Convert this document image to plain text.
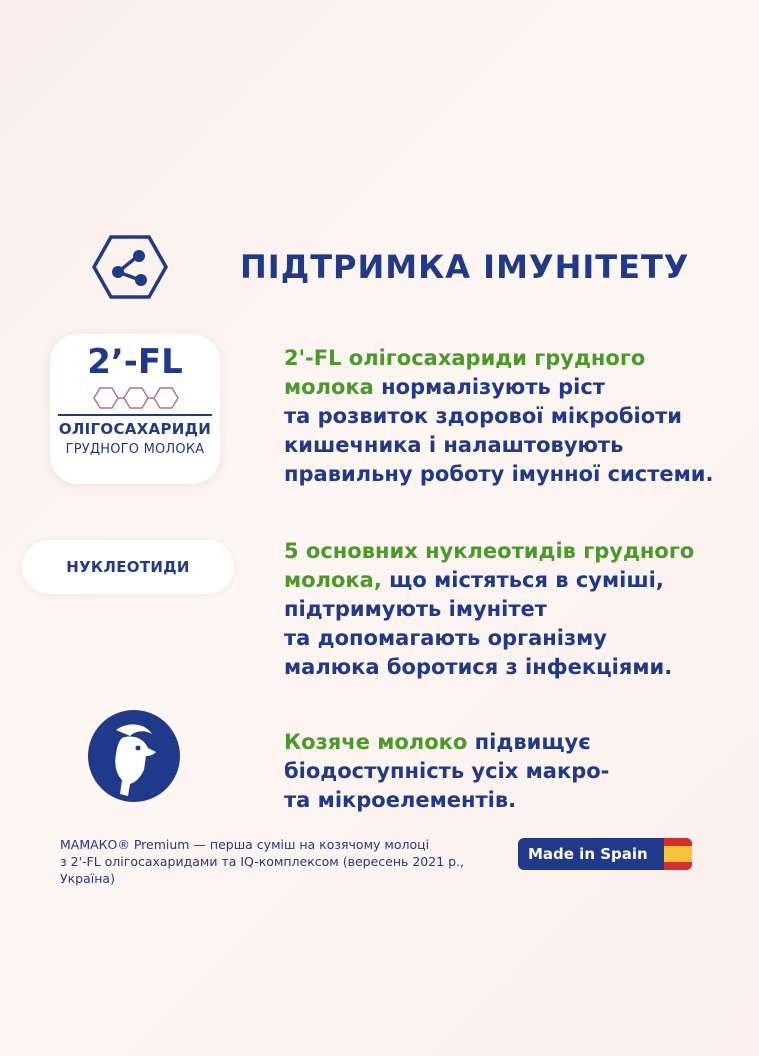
ПІДТРИМКА ІМУНІТЕТУ
2’-FL
ОЛІГОСАХАРИДИ
ГРУДНОГО МОЛОКА
НУКЛЕОТИДИ
2'-FL олігосахариди грудного
молока нормалізують ріст
та розвиток здорової мікробіоти
кишечника і налаштовують
правильну роботу імунної системи.
5 основних нуклеотидів грудного
молока, що містяться в суміші,
підтримують імунітет
та допомагають організму
малюка боротися з інфекціями.
Козяче молоко підвищує
біодоступність усіх макро-
та мікроелементів.
МАМАКО® Premium — перша суміш на козячому молоці
з 2'-FL олігосахаридами та IQ-комплексом (вересень 2021 р.,
Україна)
Made in Spain
